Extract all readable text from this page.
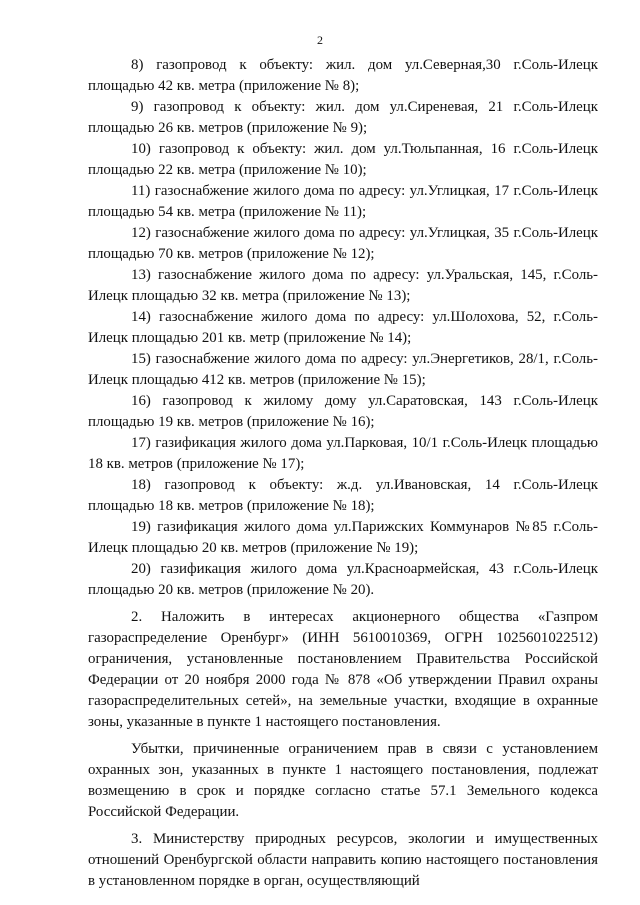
2

8) газопровод к объекту: жил. дом ул.Северная,30 г.Соль-Илецк площадью 42 кв. метра (приложение № 8);

9) газопровод к объекту: жил. дом ул.Сиреневая, 21 г.Соль-Илецк площадью 26 кв. метров (приложение № 9);

10) газопровод к объекту: жил. дом ул.Тюльпанная, 16 г.Соль-Илецк площадью 22 кв. метра (приложение № 10);

11) газоснабжение жилого дома по адресу: ул.Углицкая, 17 г.Соль-Илецк площадью 54 кв. метра (приложение № 11);

12) газоснабжение жилого дома по адресу: ул.Углицкая, 35 г.Соль-Илецк площадью 70 кв. метров (приложение № 12);

13) газоснабжение жилого дома по адресу: ул.Уральская, 145, г.Соль-Илецк площадью 32 кв. метра (приложение № 13);

14) газоснабжение жилого дома по адресу: ул.Шолохова, 52, г.Соль-Илецк площадью 201 кв. метр (приложение № 14);

15) газоснабжение жилого дома по адресу: ул.Энергетиков, 28/1, г.Соль-Илецк площадью 412 кв. метров (приложение № 15);

16) газопровод к жилому дому ул.Саратовская, 143 г.Соль-Илецк площадью 19 кв. метров (приложение № 16);

17) газификация жилого дома ул.Парковая, 10/1 г.Соль-Илецк площадью 18 кв. метров (приложение № 17);

18) газопровод к объекту: ж.д. ул.Ивановская, 14 г.Соль-Илецк площадью 18 кв. метров (приложение № 18);

19) газификация жилого дома ул.Парижских Коммунаров №85 г.Соль-Илецк площадью 20 кв. метров (приложение № 19);

20) газификация жилого дома ул.Красноармейская, 43 г.Соль-Илецк площадью 20 кв. метров (приложение № 20).

2. Наложить в интересах акционерного общества «Газпром газораспределение Оренбург» (ИНН 5610010369, ОГРН 1025601022512) ограничения, установленные постановлением Правительства Российской Федерации от 20 ноября 2000 года № 878 «Об утверждении Правил охраны газораспределительных сетей», на земельные участки, входящие в охранные зоны, указанные в пункте 1 настоящего постановления.

Убытки, причиненные ограничением прав в связи с установлением охранных зон, указанных в пункте 1 настоящего постановления, подлежат возмещению в срок и порядке согласно статье 57.1 Земельного кодекса Российской Федерации.

3. Министерству природных ресурсов, экологии и имущественных отношений Оренбургской области направить копию настоящего постановления в установленном порядке в орган, осуществляющий
